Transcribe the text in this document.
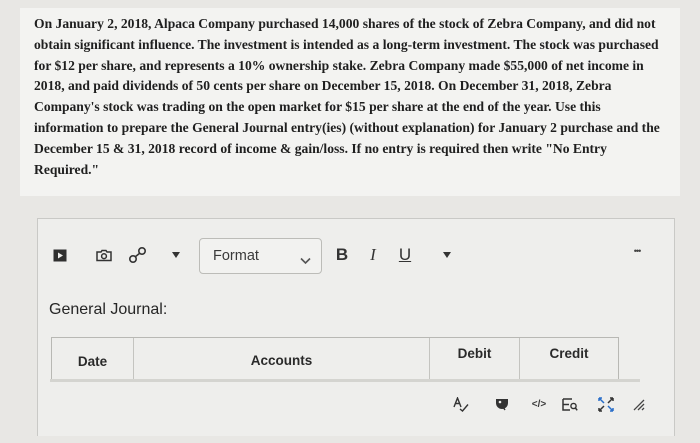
On January 2, 2018, Alpaca Company purchased 14,000 shares of the stock of Zebra Company, and did not obtain significant influence. The investment is intended as a long-term investment. The stock was purchased for $12 per share, and represents a 10% ownership stake. Zebra Company made $55,000 of net income in 2018, and paid dividends of 50 cents per share on December 15, 2018. On December 31, 2018, Zebra Company's stock was trading on the open market for $15 per share at the end of the year. Use this information to prepare the General Journal entry(ies) (without explanation) for January 2 purchase and the December 15 & 31, 2018 record of income & gain/loss. If no entry is required then write "No Entry Required."

Format	B I U	•••
General Journal:
Date	Accounts	Debit	Credit
</>
